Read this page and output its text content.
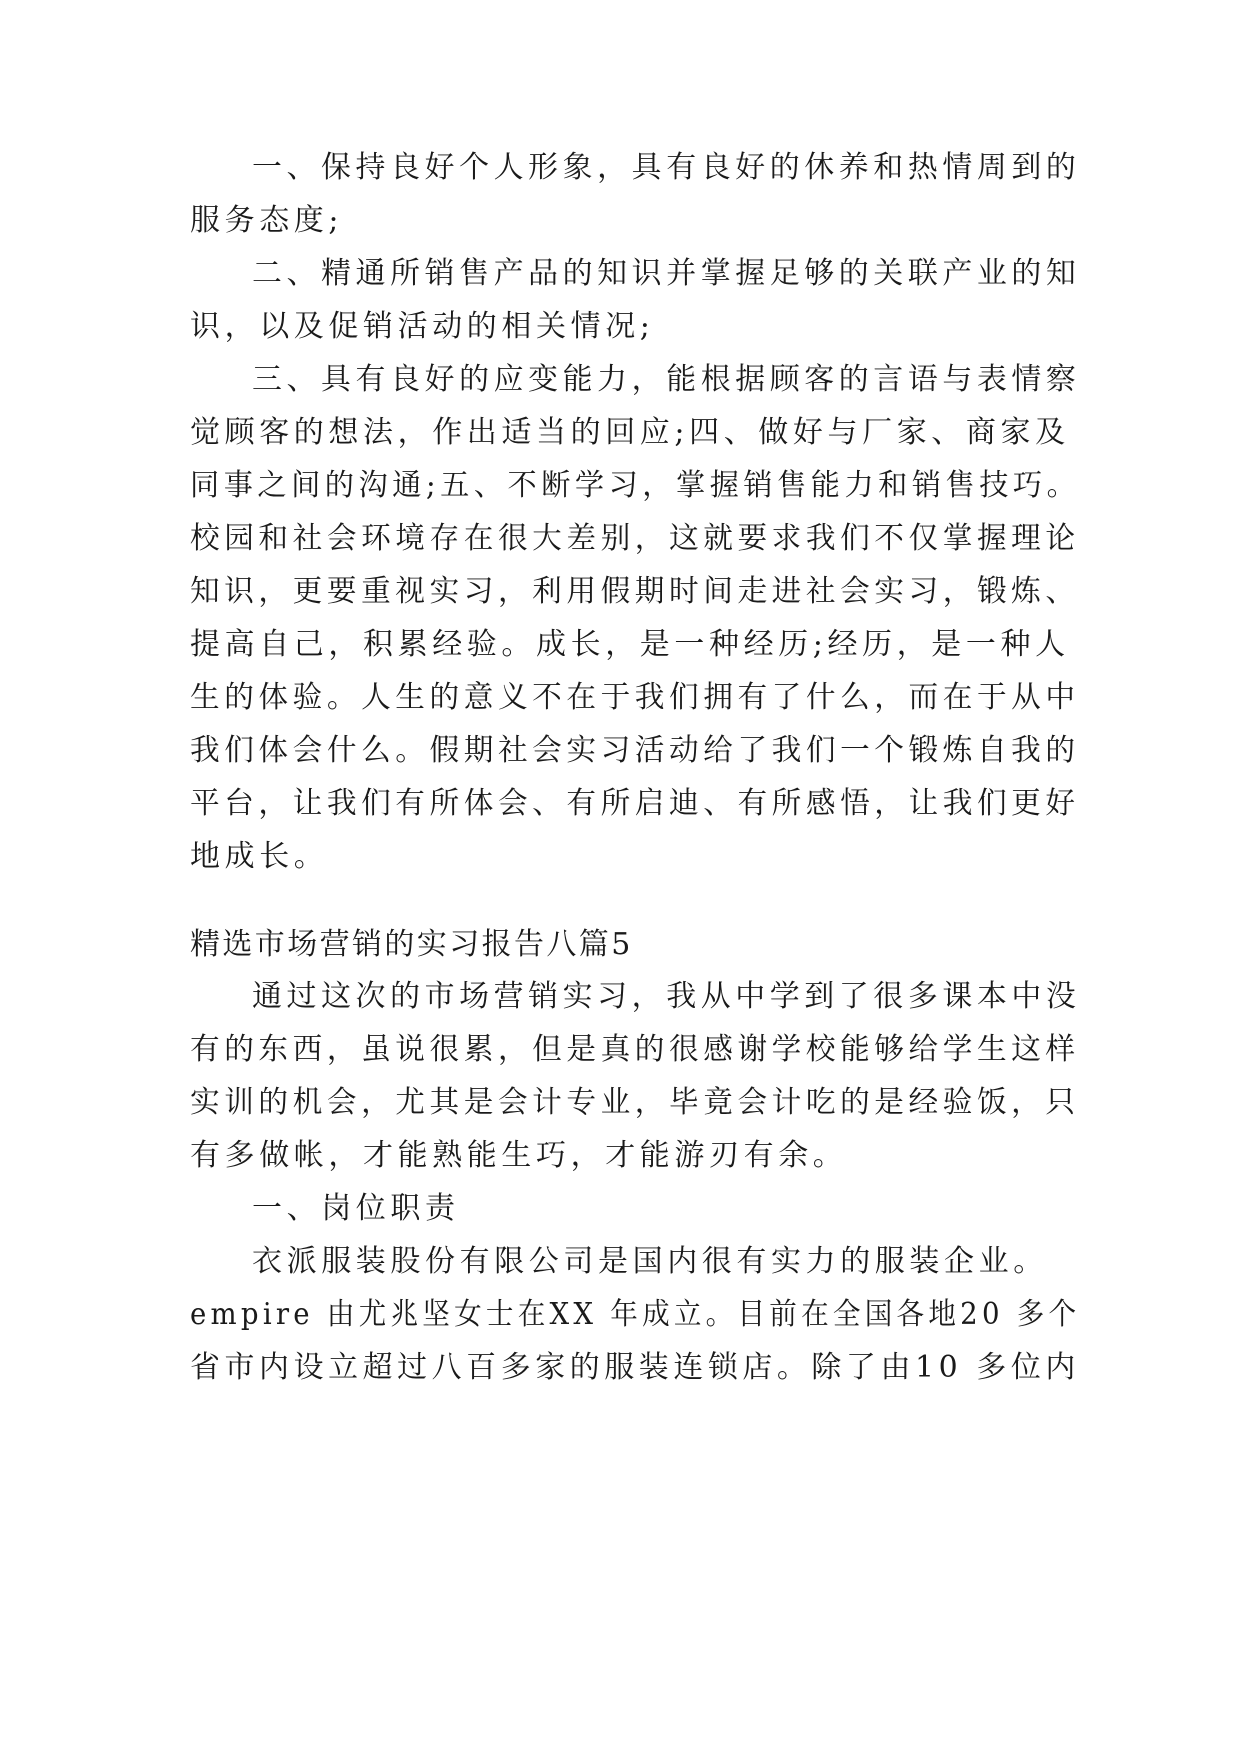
一、保持良好个人形象，具有良好的休养和热情周到的
服务态度;
二、精通所销售产品的知识并掌握足够的关联产业的知
识，以及促销活动的相关情况;
三、具有良好的应变能力，能根据顾客的言语与表情察
觉顾客的想法，作出适当的回应;四、做好与厂家、商家及
同事之间的沟通;五、不断学习，掌握销售能力和销售技巧。
校园和社会环境存在很大差别，这就要求我们不仅掌握理论
知识，更要重视实习，利用假期时间走进社会实习，锻炼、
提高自己，积累经验。成长，是一种经历;经历，是一种人
生的体验。人生的意义不在于我们拥有了什么，而在于从中
我们体会什么。假期社会实习活动给了我们一个锻炼自我的
平台，让我们有所体会、有所启迪、有所感悟，让我们更好
地成长。
精选市场营销的实习报告八篇5
通过这次的市场营销实习，我从中学到了很多课本中没
有的东西，虽说很累，但是真的很感谢学校能够给学生这样
实训的机会，尤其是会计专业，毕竟会计吃的是经验饭，只
有多做帐，才能熟能生巧，才能游刃有余。
一、岗位职责
衣派服装股份有限公司是国内很有实力的服装企业。
empire 由尤兆坚女士在XX 年成立。目前在全国各地20 多个
省市内设立超过八百多家的服装连锁店。除了由10 多位内
